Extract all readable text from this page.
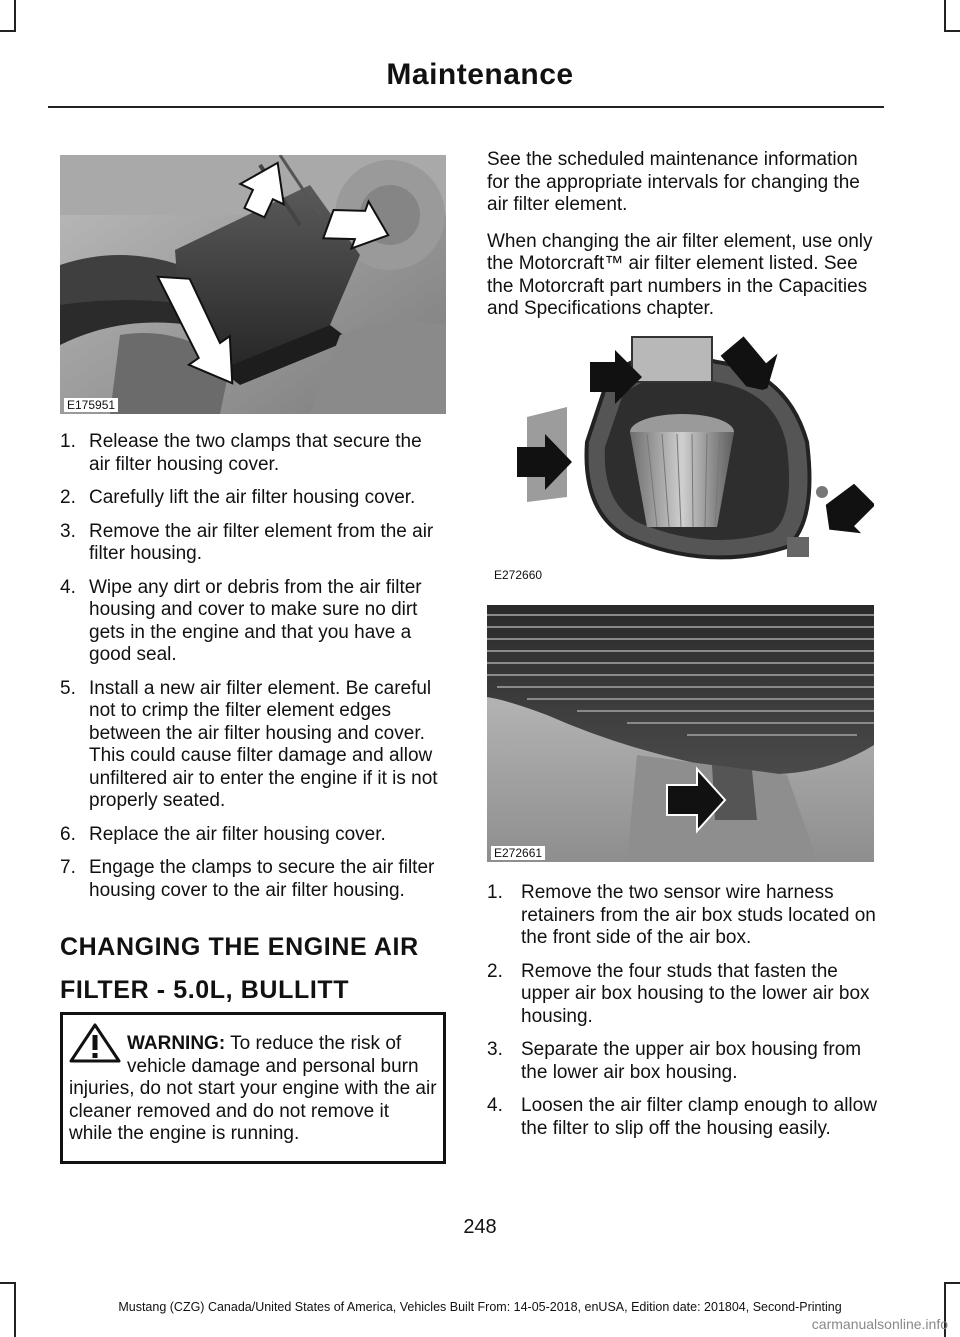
Maintenance
E175951
1. Release the two clamps that secure the air filter housing cover.
2. Carefully lift the air filter housing cover.
3. Remove the air filter element from the air filter housing.
4. Wipe any dirt or debris from the air filter housing and cover to make sure no dirt gets in the engine and that you have a good seal.
5. Install a new air filter element. Be careful not to crimp the filter element edges between the air filter housing and cover. This could cause filter damage and allow unfiltered air to enter the engine if it is not properly seated.
6. Replace the air filter housing cover.
7. Engage the clamps to secure the air filter housing cover to the air filter housing.

CHANGING THE ENGINE AIR

FILTER - 5.0L, BULLITT

WARNING: To reduce the risk of vehicle damage and personal burn injuries, do not start your engine with the air cleaner removed and do not remove it while the engine is running.

See the scheduled maintenance information for the appropriate intervals for changing the air filter element.

When changing the air filter element, use only the Motorcraft™ air filter element listed. See the Motorcraft part numbers in the Capacities and Specifications chapter.

E272660
E272661
1. Remove the two sensor wire harness retainers from the air box studs located on the front side of the air box.
2. Remove the four studs that fasten the upper air box housing to the lower air box housing.
3. Separate the upper air box housing from the lower air box housing.
4. Loosen the air filter clamp enough to allow the filter to slip off the housing easily.
248
Mustang (CZG) Canada/United States of America, Vehicles Built From: 14-05-2018, enUSA, Edition date: 201804, Second-Printing
carmanualsonline.info
